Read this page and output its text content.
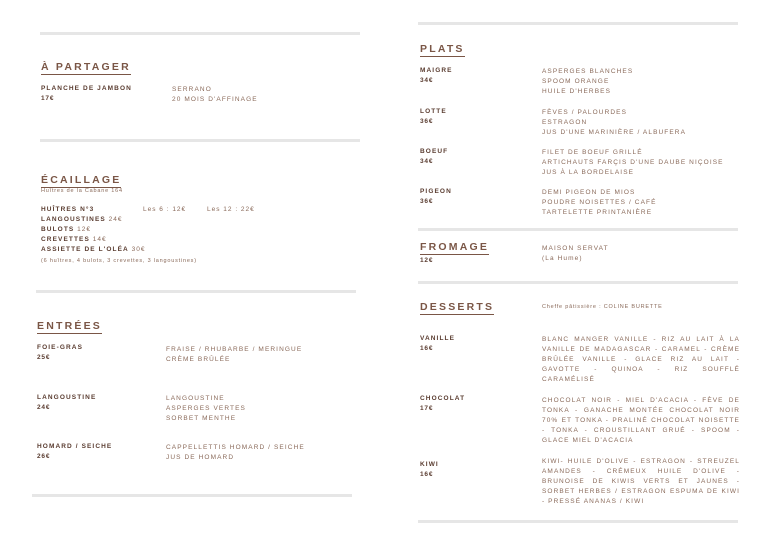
À PARTAGER
PLANCHE DE JAMBON
17€
SERRANO
20 MOIS D'AFFINAGE
ÉCAILLAGE
Huîtres de la Cabane 164
HUÎTRES N°3	Les 6 : 12€	Les 12 : 22€
LANGOUSTINES 24€
BULOTS 12€
CREVETTES 14€
ASSIETTE DE L'OLÉA 30€
(6 huîtres, 4 bulots, 3 crevettes, 3 langoustines)
ENTRÉES
FOIE-GRAS
25€
FRAISE / RHUBARBE / MERINGUE
CRÈME BRÛLÉE
LANGOUSTINE
24€
LANGOUSTINE
ASPERGES VERTES
SORBET MENTHE
HOMARD / SEICHE
26€
CAPPELLETTIS HOMARD / SEICHE
JUS DE HOMARD
PLATS
MAIGRE
34€
ASPERGES BLANCHES
SPOOM ORANGE
HUILE D'HERBES
LOTTE
36€
FÈVES / PALOURDES
ESTRAGON
JUS D'UNE MARINIÈRE / ALBUFERA
BOEUF
34€
FILET DE BOEUF GRILLÉ
ARTICHAUTS FARÇIS D'UNE DAUBE NIÇOISE
JUS À LA BORDELAISE
PIGEON
36€
DEMI PIGEON DE MIOS
POUDRE NOISETTES / CAFÉ
TARTELETTE PRINTANIÈRE
FROMAGE
12€
MAISON SERVAT
(La Hume)
DESSERTS	Cheffe pâtissière : COLINE BURETTE
VANILLE
16€
BLANC MANGER VANILLE - RIZ AU LAIT À LA VANILLE DE MADAGASCAR - CARAMEL - CRÈME BRÛLÉE VANILLE - GLACE RIZ AU LAIT - GAVOTTE - QUINOA - RIZ SOUFFLÉ CARAMÉLISÉ
CHOCOLAT
17€
CHOCOLAT NOIR - MIEL D'ACACIA - FÈVE DE TONKA - GANACHE MONTÉE CHOCOLAT NOIR 70% ET TONKA - PRALINÉ CHOCOLAT NOISETTE - TONKA - CROUSTILLANT GRUÉ - SPOOM - GLACE MIEL D'ACACIA
KIWI
16€
KIWI- HUILE D'OLIVE - ESTRAGON - STREUZEL AMANDES - CRÉMEUX HUILE D'OLIVE - BRUNOISE DE KIWIS VERTS ET JAUNES - SORBET HERBES / ESTRAGON ESPUMA DE KIWI - PRESSÉ ANANAS / KIWI
